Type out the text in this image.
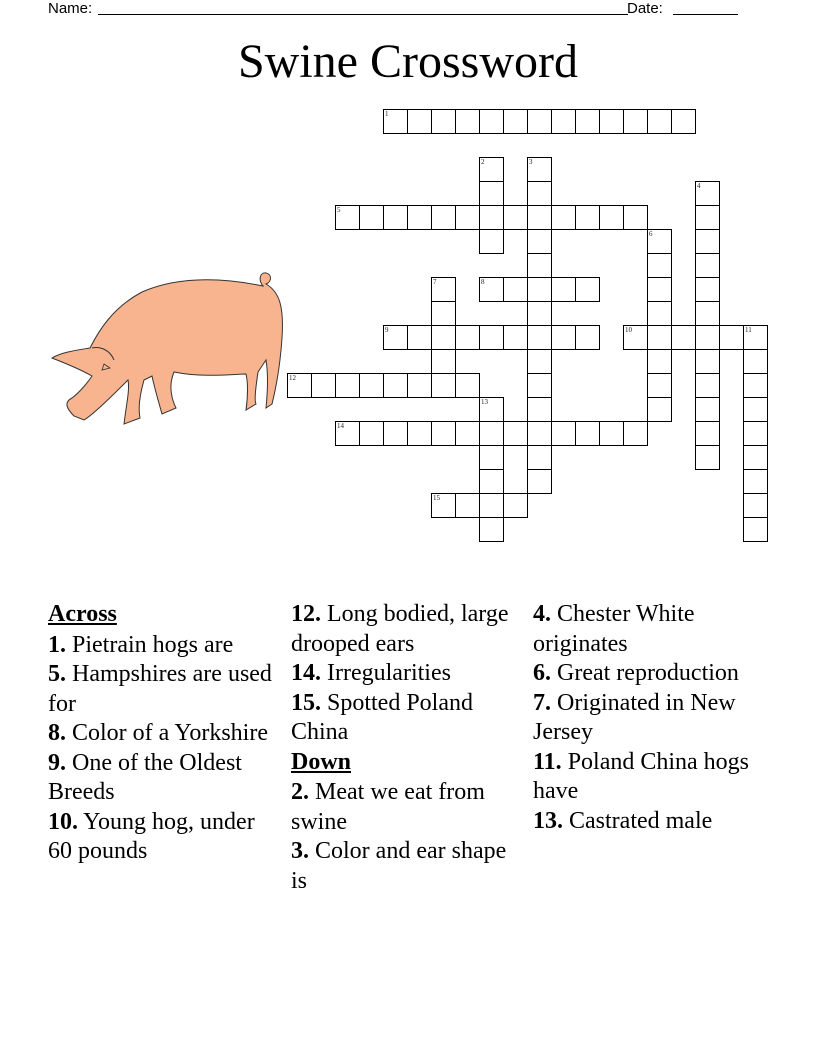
Name:	Date:
Swine Crossword
1
5
8
9	10	11
12
14
15
2	3
4
6
7
13
Across
1. Pietrain hogs are
5. Hampshires are used for
8. Color of a Yorkshire
9. One of the Oldest Breeds
10. Young hog, under 60 pounds
12. Long bodied, large drooped ears
14. Irregularities
15. Spotted Poland China
Down
2. Meat we eat from swine
3. Color and ear shape is
4. Chester White originates
6. Great reproduction
7. Originated in New Jersey
11. Poland China hogs have
13. Castrated male
